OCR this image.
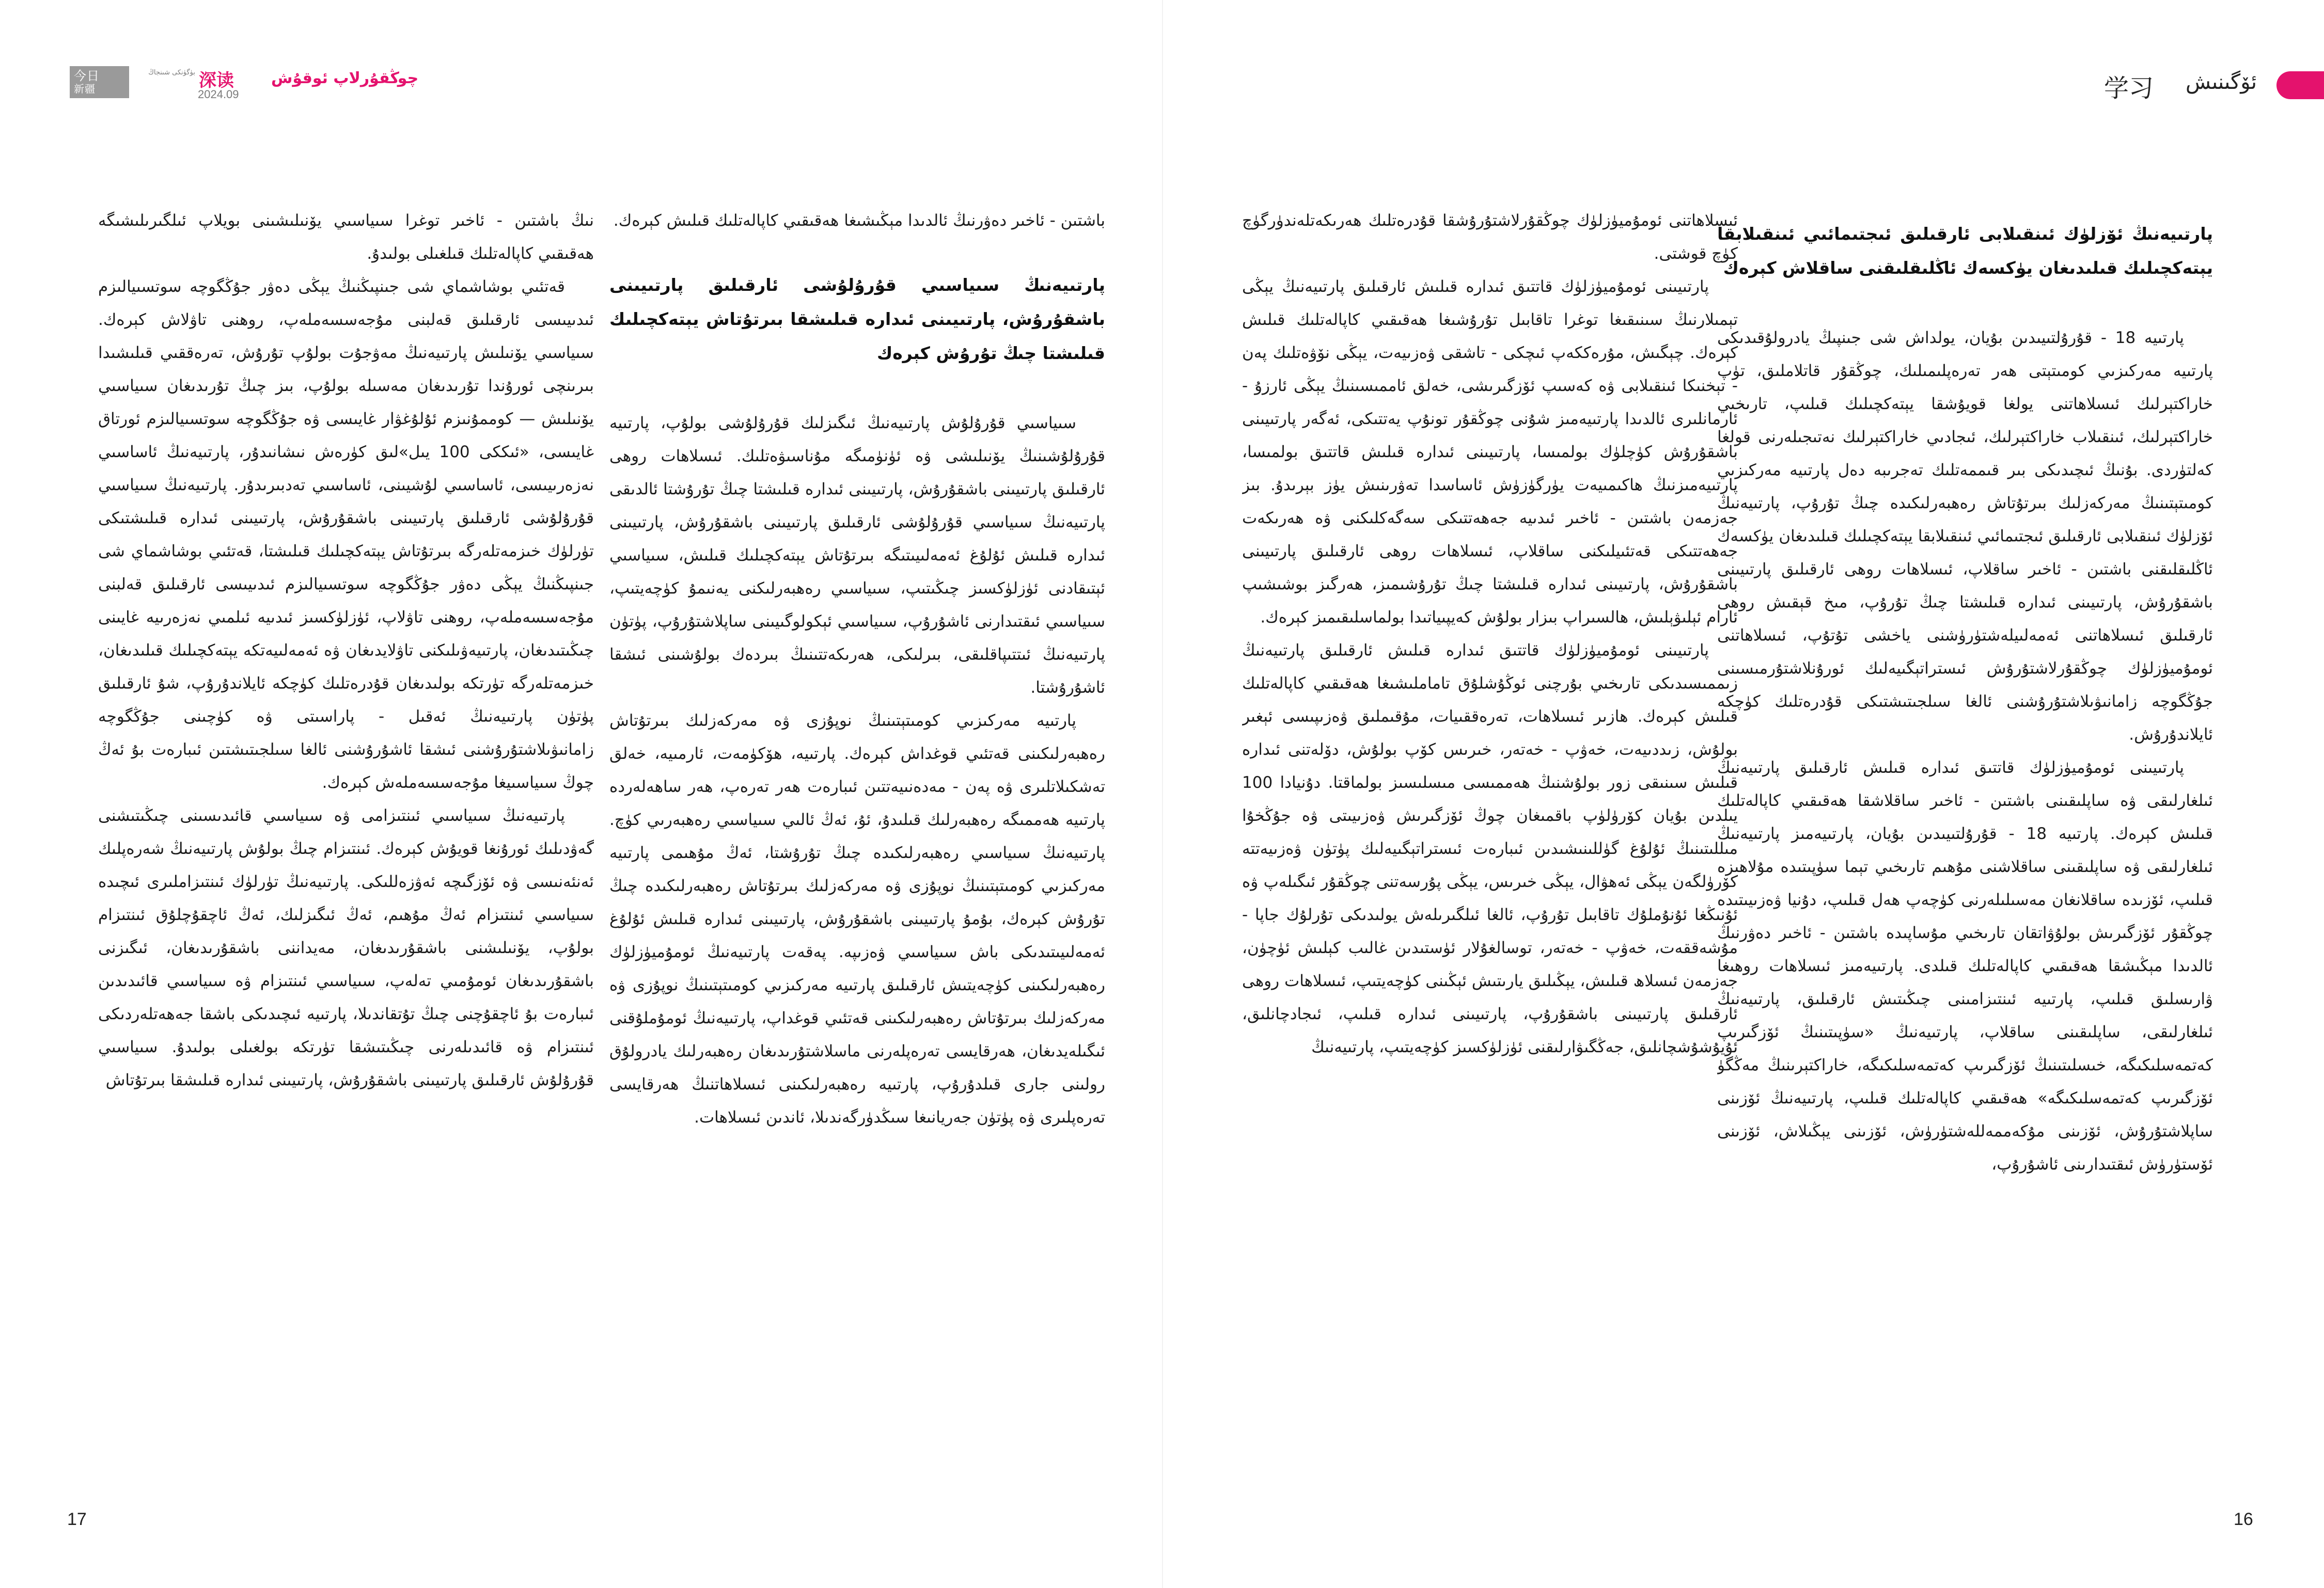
今日
新疆	深读
بۈگۈنكى شىنجاڭ	چوڭقۇرلاپ ئوقۇش
2024.09	学习 ئۆگىنىش

پارتىيەنىڭ ئۆزلۈك ئىنقىلابى ئارقىلىق ئىجتىمائىي ئىنقىلابقا يېتەكچىلىك قىلىدىغان يۈكسەك ئاڭلىقلىقنى ساقلاش كېرەك

پارتىيە 18 - قۇرۇلتىيىدىن بۇيان، يولداش شى جىنپىڭ يادرولۇقىدىكى پارتىيە مەركىزىي كومىتېتى ھەر تەرەپلىمىلىك، چوڭقۇر قاتلاملىق، تۈپ خاراكتېرلىك ئىسلاھاتنى يولغا قويۇشقا يېتەكچىلىك قىلىپ، تارىخىي خاراكتېرلىك، ئىنقىلاب خاراكتېرلىك، ئىجادىي خاراكتېرلىك نەتىجىلەرنى قولغا كەلتۈردى. بۇنىڭ ئىچىدىكى بىر قىممەتلىك تەجرىبە دەل پارتىيە مەركىزىي كومىتېتىنىڭ مەركەزلىك بىرتۇتاش رەھبەرلىكىدە چىڭ تۇرۇپ، پارتىيەنىڭ ئۆزلۈك ئىنقىلابى ئارقىلىق ئىجتىمائىي ئىنقىلابقا يېتەكچىلىك قىلىدىغان يۈكسەك ئاڭلىقلىقنى باشتىن - ئاخىر ساقلاپ، ئىسلاھات روھى ئارقىلىق پارتىيىنى باشقۇرۇش، پارتىيىنى ئىدارە قىلىشتا چىڭ تۇرۇپ، مىخ قېقىش روھى ئارقىلىق ئىسلاھاتنى ئەمەلىيلەشتۈرۈشنى ياخشى تۇتۇپ، ئىسلاھاتنى ئومۇميۈزلۈك چوڭقۇرلاشتۇرۇش ئىستراتېگىيەلىك ئورۇنلاشتۇرمىسىنى جۇڭگوچە زامانىۋىلاشتۇرۇشنى ئالغا سىلجىتىشتىكى قۇدرەتلىك كۈچكە ئايلاندۇرۇش.

پارتىيىنى ئومۇميۈزلۈك قاتتىق ئىدارە قىلىش ئارقىلىق پارتىيەنىڭ ئىلغارلىقى ۋە ساپلىقىنى باشتىن - ئاخىر ساقلاشقا ھەقىقىي كاپالەتلىك قىلىش كېرەك. پارتىيە 18 - قۇرۇلتىيىدىن بۇيان، پارتىيەمىز پارتىيەنىڭ ئىلغارلىقى ۋە ساپلىقىنى ساقلاشنى مۇھىم تارىخىي تېما سۈپىتىدە مۇلاھىزە قىلىپ، ئۆزىدە ساقلانغان مەسىلىلەرنى كۈچەپ ھەل قىلىپ، دۇنيا ۋەزىيىتىدە چوڭقۇر ئۆزگىرىش بولۇۋاتقان تارىخىي مۇساپىدە باشتىن - ئاخىر دەۋرنىڭ ئالدىدا مېڭىشقا ھەقىقىي كاپالەتلىك قىلدى. پارتىيەمىز ئىسلاھات روھىغا ۋارىسلىق قىلىپ، پارتىيە ئىنتىزامىنى چىڭىتىش ئارقىلىق، پارتىيەنىڭ ئىلغارلىقى، ساپلىقىنى ساقلاپ، پارتىيەنىڭ «سۈپىتىنىڭ ئۆزگىرىپ كەتمەسلىكىگە، خىسلىتىنىڭ ئۆزگىرىپ كەتمەسلىكىگە، خاراكتېرىنىڭ مەڭگۈ ئۆزگىرىپ كەتمەسلىكىگە» ھەقىقىي كاپالەتلىك قىلىپ، پارتىيەنىڭ ئۆزىنى ساپلاشتۇرۇش، ئۆزىنى مۇكەممەللەشتۈرۈش، ئۆزىنى يېڭىلاش، ئۆزىنى ئۆستۈرۈش ئىقتىدارىنى ئاشۇرۇپ،

ئىسلاھاتنى ئومۇميۈزلۈك چوڭقۇرلاشتۇرۇشقا قۇدرەتلىك ھەرىكەتلەندۈرگۈچ كۈچ قوشتى.

پارتىيىنى ئومۇميۈزلۈك قاتتىق ئىدارە قىلىش ئارقىلىق پارتىيەنىڭ يېڭى تېمىلارنىڭ سىنىقىغا توغرا تاقابىل تۇرۇشىغا ھەقىقىي كاپالەتلىك قىلىش كېرەك. چېگىش، مۇرەككەپ ئىچكى - تاشقى ۋەزىيەت، يېڭى نۆۋەتلىك پەن - تېخنىكا ئىنقىلابى ۋە كەسىپ ئۆزگىرىشى، خەلق ئاممىسىنىڭ يېڭى ئارزۇ - ئارمانلىرى ئالدىدا پارتىيەمىز شۇنى چوڭقۇر تونۇپ يەتتىكى، ئەگەر پارتىيىنى باشقۇرۇش كۈچلۈك بولمىسا، پارتىيىنى ئىدارە قىلىش قاتتىق بولمىسا، پارتىيەمىزنىڭ ھاكىمىيەت يۈرگۈزۈش ئاساسدا تەۋرىنىش يۈز بېرىدۇ. بىز جەزمەن باشتىن - ئاخىر ئىدىيە جەھەتتىكى سەگەكلىكنى ۋە ھەرىكەت جەھەتتىكى قەتئىيلىكنى ساقلاپ، ئىسلاھات روھى ئارقىلىق پارتىيىنى باشقۇرۇش، پارتىيىنى ئىدارە قىلىشتا چىڭ تۇرۇشىمىز، ھەرگىز بوشىشىپ ئارام ئېلىۋېلىش، ھالسىراپ بىزار بولۇش كەيپىياتىدا بولماسلىقىمىز كېرەك.

پارتىيىنى ئومۇميۈزلۈك قاتتىق ئىدارە قىلىش ئارقىلىق پارتىيەنىڭ زىممىسىدىكى تارىخىي بۇرچنى ئوڭۇشلۇق تاماملىشىغا ھەقىقىي كاپالەتلىك قىلىش كېرەك. ھازىر ئىسلاھات، تەرەققىيات، مۇقىملىق ۋەزىپىسى ئېغىر بولۇش، زىددىيەت، خەۋپ - خەتەر، خىرىس كۆپ بولۇش، دۆلەتنى ئىدارە قىلىش سىنىقى زور بولۇشنىڭ ھەممىسى مىسلىسىز بولماقتا. دۇنيادا 100 يىلدىن بۇيان كۆرۈلۈپ باقمىغان چوڭ ئۆزگىرىش ۋەزىيىتى ۋە جۇڭخۇا مىللىتىنىڭ ئۇلۇغ گۈللىنىشىدىن ئىبارەت ئىستراتېگىيەلىك پۈتۈن ۋەزىيەتتە كۆرۈلگەن يېڭى ئەھۋال، يېڭى خىرىس، يېڭى پۇرسەتنى چوڭقۇر ئىگىلەپ ۋە ئۇنىڭغا ئۇنۇملۇك تاقابىل تۇرۇپ، ئالغا ئىلگىرىلەش يولىدىكى تۇرلۇك جاپا - مۇشەققەت، خەۋپ - خەتەر، توسالغۇلار ئۈستىدىن غالىب كېلىش ئۈچۈن، جەزمەن ئىسلاھ قىلىش، يېڭىلىق يارىتىش ئېڭىنى كۈچەيتىپ، ئىسلاھات روھى ئارقىلىق پارتىيىنى باشقۇرۇپ، پارتىيىنى ئىدارە قىلىپ، ئىجادچانلىق، ئۇيۇشۇشچانلىق، جەڭگىۋارلىقنى ئۈزلۈكسىز كۈچەيتىپ، پارتىيەنىڭ

باشتىن - ئاخىر دەۋرنىڭ ئالدىدا مېڭىشىغا ھەقىقىي كاپالەتلىك قىلىش كېرەك.

پارتىيەنىڭ سىياسىي قۇرۇلۇشى ئارقىلىق پارتىيىنى باشقۇرۇش، پارتىيىنى ئىدارە قىلىشقا بىرتۇتاش يېتەكچىلىك قىلىشتا چىڭ تۇرۇش كېرەك

سىياسىي قۇرۇلۇش پارتىيەنىڭ ئىگىزلىك قۇرۇلۇشى بولۇپ، پارتىيە قۇرۇلۇشىنىڭ يۆنىلىشى ۋە ئۈنۈمىگە مۇناسىۋەتلىك. ئىسلاھات روھى ئارقىلىق پارتىيىنى باشقۇرۇش، پارتىيىنى ئىدارە قىلىشتا چىڭ تۇرۇشتا ئالدىقى پارتىيەنىڭ سىياسىي قۇرۇلۇشى ئارقىلىق پارتىيىنى باشقۇرۇش، پارتىيىنى ئىدارە قىلىش ئۇلۇغ ئەمەلىيىتىگە بىرتۇتاش يېتەكچىلىك قىلىش، سىياسىي ئېتىقادنى ئۈزلۈكسىز چىڭىتىپ، سىياسىي رەھبەرلىكنى يەنىمۇ كۈچەيتىپ، سىياسىي ئىقتىدارنى ئاشۇرۇپ، سىياسىي ئېكولوگىيىنى ساپلاشتۇرۇپ، پۈتۈن پارتىيەنىڭ ئىتتىپاقلىقى، بىرلىكى، ھەرىكەتتىنىڭ بىردەك بولۇشىنى ئىشقا ئاشۇرۇشتا.

پارتىيە مەركىزىي كومىتېتىنىڭ نوپۇزى ۋە مەركەزلىك بىرتۇتاش رەھبەرلىكىنى قەتئىي قوغداش كېرەك. پارتىيە، ھۆكۈمەت، ئارمىيە، خەلق تەشكىلاتلىرى ۋە پەن - مەدەنىيەتتىن ئىبارەت ھەر تەرەپ، ھەر ساھەلەردە پارتىيە ھەممىگە رەھبەرلىك قىلىدۇ، ئۇ، ئەڭ ئالىي سىياسىي رەھبەرىي كۈچ. پارتىيەنىڭ سىياسىي رەھبەرلىكىدە چىڭ تۇرۇشتا، ئەڭ مۇھىمى پارتىيە مەركىزىي كومىتېتىنىڭ نوپۇزى ۋە مەركەزلىك بىرتۇتاش رەھبەرلىكىدە چىڭ تۇرۇش كېرەك، بۇمۇ پارتىيىنى باشقۇرۇش، پارتىيىنى ئىدارە قىلىش ئۇلۇغ ئەمەلىيىتىدىكى باش سىياسىي ۋەزىپە. پەقەت پارتىيەنىڭ ئومۇميۈزلۈك رەھبەرلىكىنى كۈچەيتىش ئارقىلىق پارتىيە مەركىزىي كومىتېتىنىڭ نوپۇزى ۋە مەركەزلىك بىرتۇتاش رەھبەرلىكىنى قەتئىي قوغداپ، پارتىيەنىڭ ئومۇملۇقنى ئىگىلەيدىغان، ھەرقايسى تەرەپلەرنى ماسلاشتۇرىدىغان رەھبەرلىك يادرولۇق رولىنى جارى قىلدۇرۇپ، پارتىيە رەھبەرلىكىنى ئىسلاھاتنىڭ ھەرقايسى تەرەپلىرى ۋە پۈتۈن جەريانىغا سىڭدۈرگەندىلا، ئاندىن ئىسلاھات.

نىڭ باشتىن - ئاخىر توغرا سىياسىي يۆنىلىشىنى بويلاپ ئىلگىرىلىشىگە ھەقىقىي كاپالەتلىك قىلغىلى بولىدۇ.

قەتئىي بوشاشماي شى جىنپىڭنىڭ يېڭى دەۋر جۇڭگوچە سوتسىيالىزم ئىدىيىسى ئارقىلىق قەلبنى مۇجەسسەملەپ، روھنى تاۋلاش كېرەك. سىياسىي يۆنىلىش پارتىيەنىڭ مەۋجۇت بولۇپ تۇرۇش، تەرەققىي قىلىشىدا بىرىنچى ئورۇندا تۇرىدىغان مەسىلە بولۇپ، بىز چىڭ تۇرىدىغان سىياسىي يۆنىلىش — كوممۇنىزم ئۇلۇغۋار غايىسى ۋە جۇڭگوچە سوتسىيالىزم ئورتاق غايىسى، «ئىككى 100 يىل»لىق كۈرەش نىشانىدۇر، پارتىيەنىڭ ئاساسىي نەزەرىيىسى، ئاساسىي لۇشيىنى، ئاساسىي تەدبىرىدۇر. پارتىيەنىڭ سىياسىي قۇرۇلۇشى ئارقىلىق پارتىيىنى باشقۇرۇش، پارتىيىنى ئىدارە قىلىشتىكى تۈرلۈك خىزمەتلەرگە بىرتۇتاش يېتەكچىلىك قىلىشتا، قەتئىي بوشاشماي شى جىنپىڭنىڭ يېڭى دەۋر جۇڭگوچە سوتسىيالىزم ئىدىيىسى ئارقىلىق قەلبنى مۇجەسسەملەپ، روھنى تاۋلاپ، ئۈزلۈكسىز ئىدىيە ئىلمىي نەزەرىيە غايىنى چىڭىتىدىغان، پارتىيەۋىلىكنى تاۋلايدىغان ۋە ئەمەلىيەتكە يېتەكچىلىك قىلىدىغان، خىزمەتلەرگە تۈرتكە بولىدىغان قۇدرەتلىك كۈچكە ئايلاندۇرۇپ، شۇ ئارقىلىق پۈتۈن پارتىيەنىڭ ئەقىل - پاراسىتى ۋە كۈچىنى جۇڭگوچە زامانىۋىلاشتۇرۇشنى ئىشقا ئاشۇرۇشنى ئالغا سىلجىتىشتىن ئىبارەت بۇ ئەڭ چوڭ سىياسىيغا مۇجەسسەملەش كېرەك.

پارتىيەنىڭ سىياسىي ئىنتىزامى ۋە سىياسىي قائىدىسىنى چىڭىتىشنى گەۋدىلىك ئورۇنغا قويۇش كېرەك. ئىنتىزام چىڭ بولۇش پارتىيەنىڭ شەرەپلىك ئەنئەنىسى ۋە ئۆزگىچە ئەۋزەللىكى. پارتىيەنىڭ تۈرلۈك ئىنتىزاملىرى ئىچىدە سىياسىي ئىنتىزام ئەڭ مۇھىم، ئەڭ ئىگىزلىك، ئەڭ ئاچقۇچلۇق ئىنتىزام بولۇپ، يۆنىلىشنى باشقۇرىدىغان، مەيداننى باشقۇرىدىغان، ئىگىزنى باشقۇرىدىغان ئومۇمىي تەلەپ، سىياسىي ئىنتىزام ۋە سىياسىي قائىدىدىن ئىبارەت بۇ ئاچقۇچنى چىڭ تۇتقاندىلا، پارتىيە ئىچىدىكى باشقا جەھەتلەردىكى ئىنتىزام ۋە قائىدىلەرنى چىڭىتىشقا تۈرتكە بولغىلى بولىدۇ. سىياسىي قۇرۇلۇش ئارقىلىق پارتىيىنى باشقۇرۇش، پارتىيىنى ئىدارە قىلىشقا بىرتۇتاش

17	16
